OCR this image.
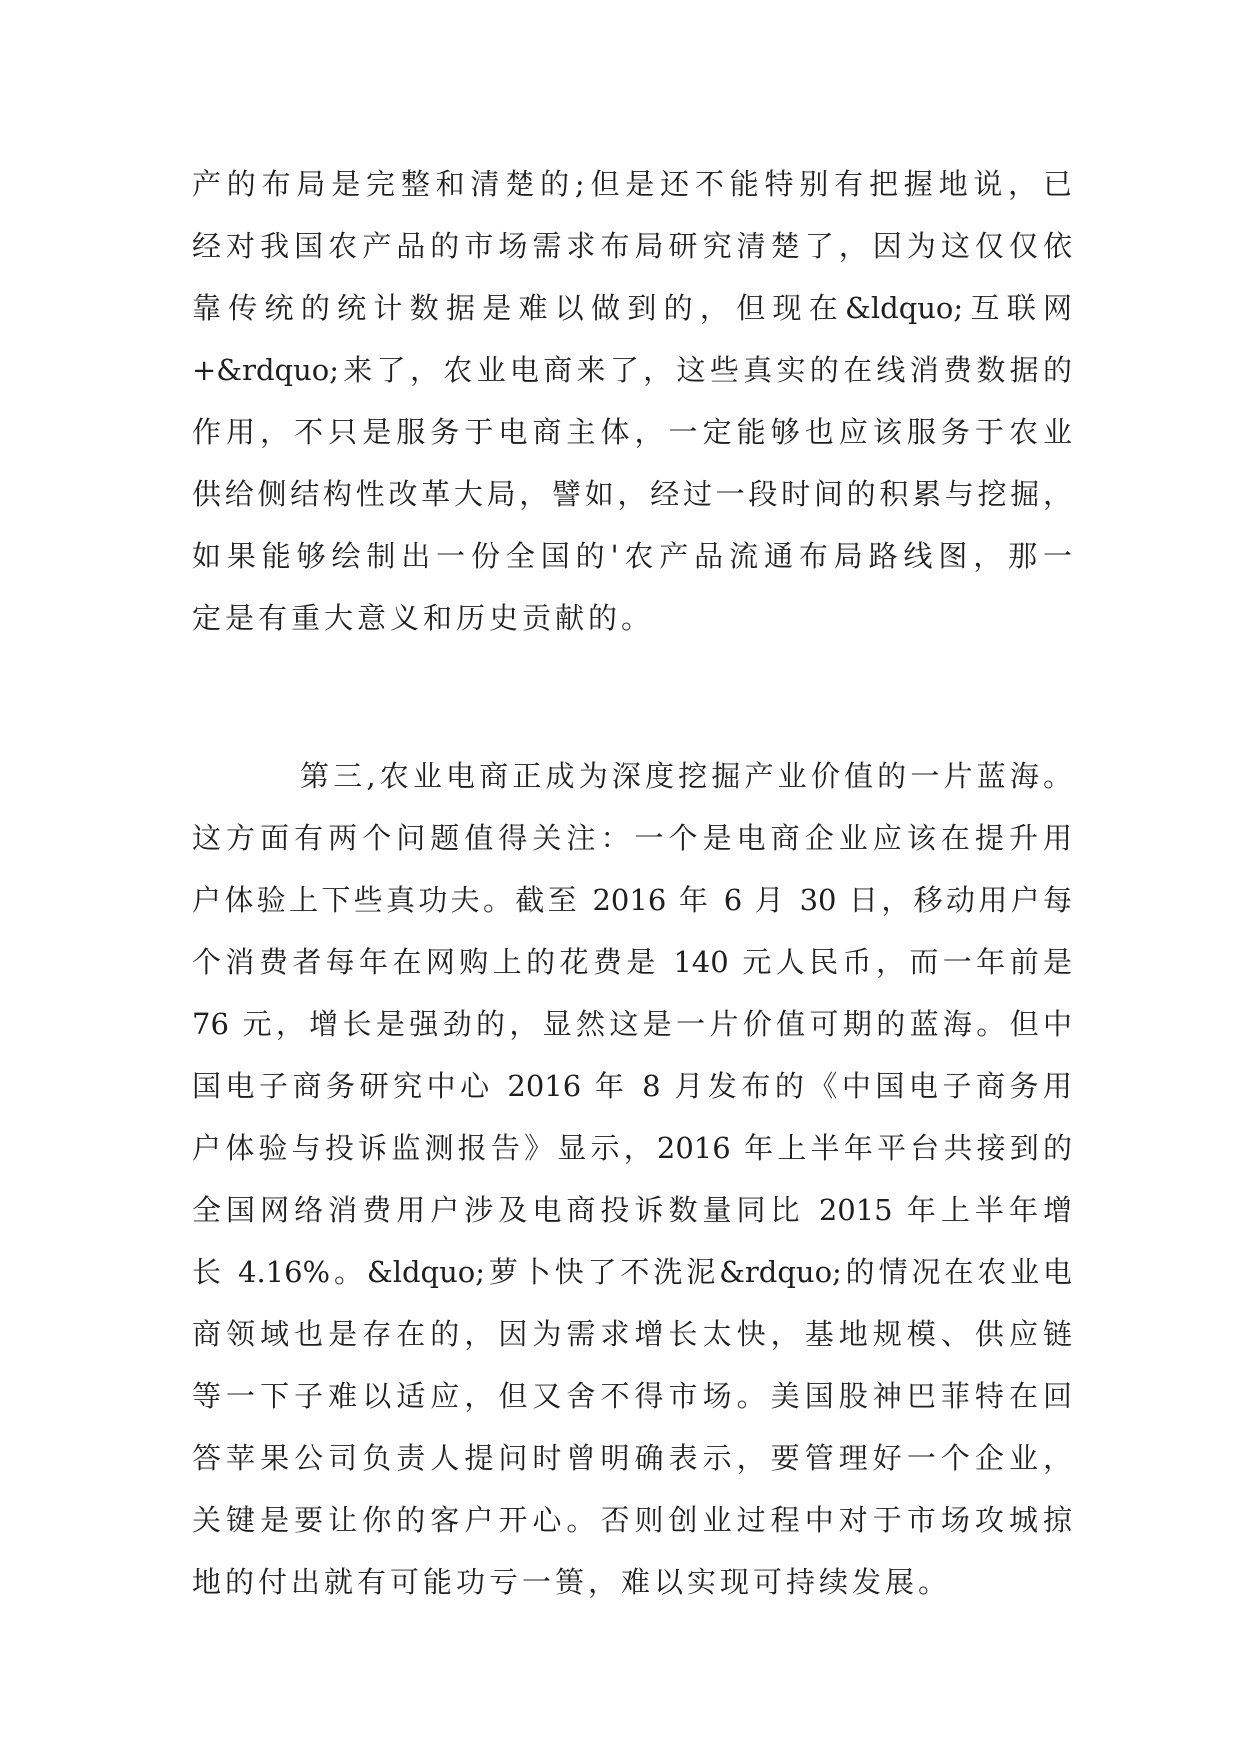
产的布局是完整和清楚的;但是还不能特别有把握地说，已
经对我国农产品的市场需求布局研究清楚了，因为这仅仅依
靠传统的统计数据是难以做到的，但现在&ldquo;互联网
+&rdquo;来了，农业电商来了，这些真实的在线消费数据的
作用，不只是服务于电商主体，一定能够也应该服务于农业
供给侧结构性改革大局，譬如，经过一段时间的积累与挖掘，
如果能够绘制出一份全国的'农产品流通布局路线图，那一
定是有重大意义和历史贡献的。
第三,农业电商正成为深度挖掘产业价值的一片蓝海。
这方面有两个问题值得关注：一个是电商企业应该在提升用
户体验上下些真功夫。截至 2016 年 6 月 30 日，移动用户每
个消费者每年在网购上的花费是 140 元人民币，而一年前是
76 元，增长是强劲的，显然这是一片价值可期的蓝海。但中
国电子商务研究中心 2016 年 8 月发布的《中国电子商务用
户体验与投诉监测报告》显示，2016 年上半年平台共接到的
全国网络消费用户涉及电商投诉数量同比 2015 年上半年增
长 4.16%。&ldquo;萝卜快了不洗泥&rdquo;的情况在农业电
商领域也是存在的，因为需求增长太快，基地规模、供应链
等一下子难以适应，但又舍不得市场。美国股神巴菲特在回
答苹果公司负责人提问时曾明确表示，要管理好一个企业，
关键是要让你的客户开心。否则创业过程中对于市场攻城掠
地的付出就有可能功亏一篑，难以实现可持续发展。
